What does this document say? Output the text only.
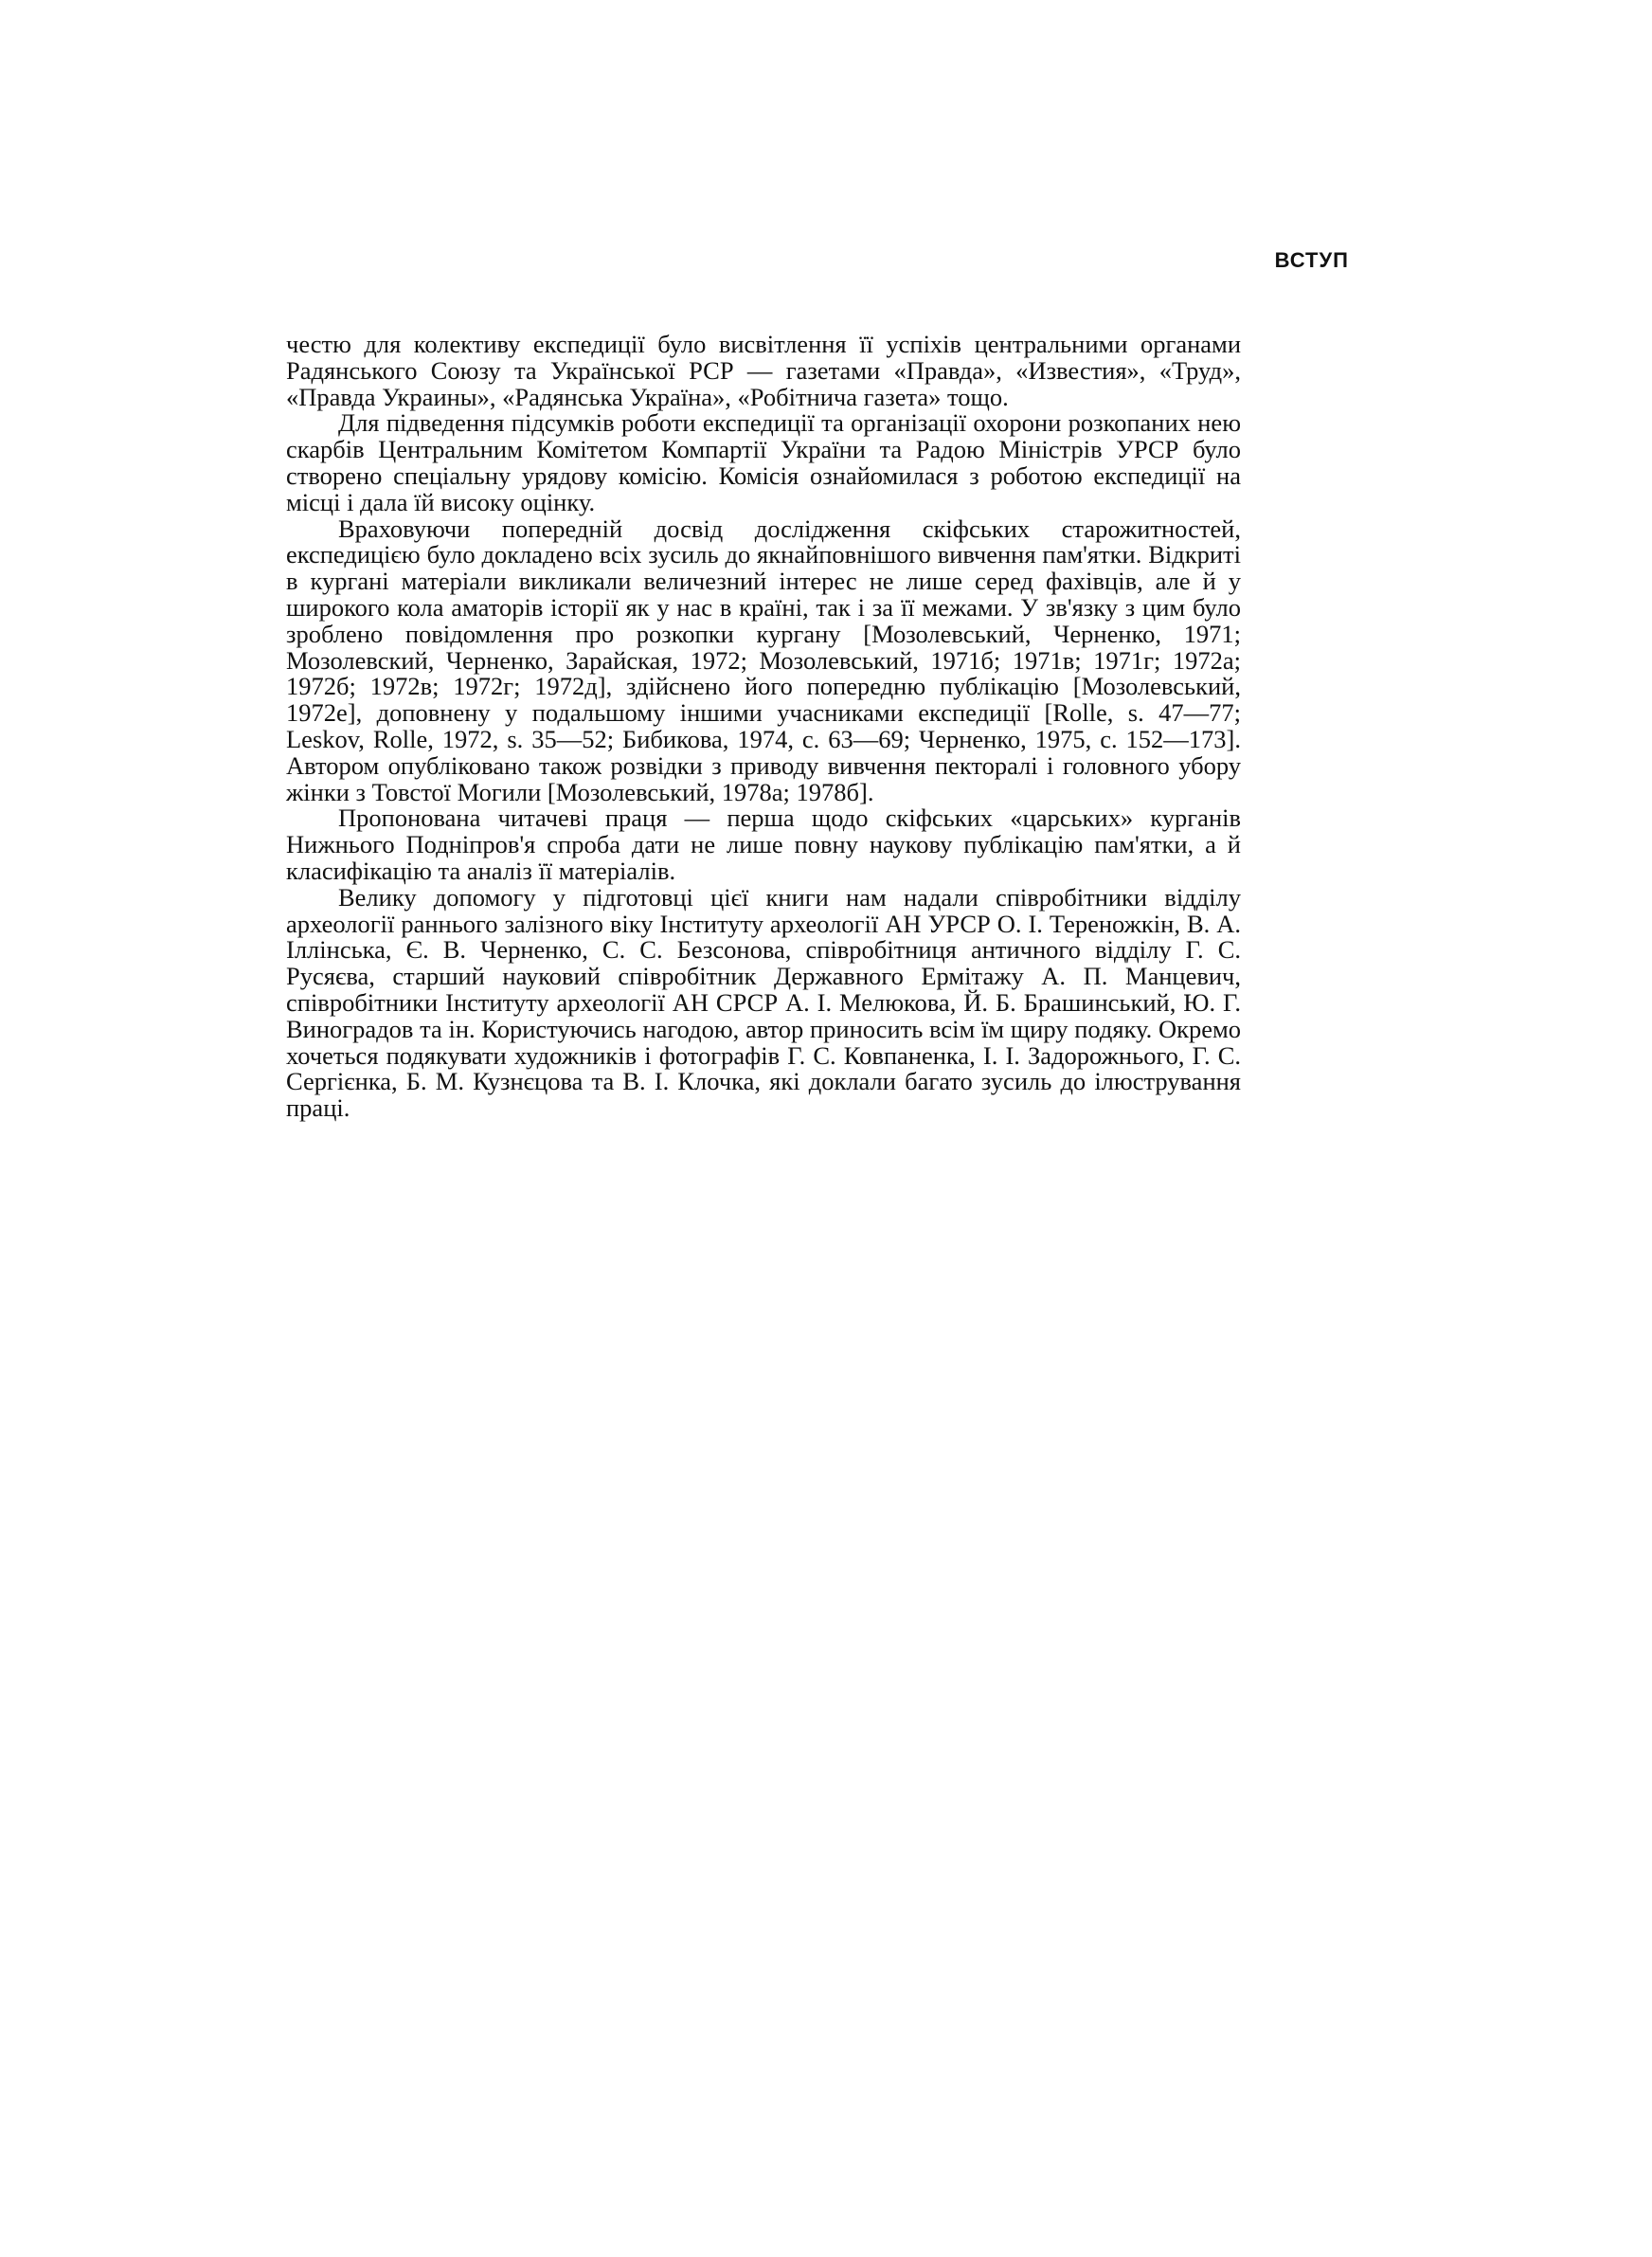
ВСТУП

честю для колективу експедиції було висвітлення її успіхів центральними органами Радянського Союзу та Української РСР — газетами «Правда», «Известия», «Труд», «Правда Украины», «Радянська Україна», «Робітнича газета» тощо.

Для підведення підсумків роботи експедиції та організації охорони розкопаних нею скарбів Центральним Комітетом Компартії України та Радою Міністрів УРСР було створено спеціальну урядову комісію. Комісія ознайомилася з роботою експедиції на місці і дала їй високу оцінку.

Враховуючи попередній досвід дослідження скіфських старожитностей, експедицією було докладено всіх зусиль до якнайповнішого вивчення пам'ятки. Відкриті в кургані матеріали викликали величезний інтерес не лише серед фахівців, але й у широкого кола аматорів історії як у нас в країні, так і за її межами. У зв'язку з цим було зроблено повідомлення про розкопки кургану [Мозолевський, Черненко, 1971; Мозолевский, Черненко, Зарайская, 1972; Мозолевський, 1971б; 1971в; 1971г; 1972а; 1972б; 1972в; 1972г; 1972д], здійснено його попередню публікацію [Мозолевський, 1972е], доповнену у подальшому іншими учасниками експедиції [Rolle, s. 47—77; Leskov, Rolle, 1972, s. 35—52; Бибикова, 1974, с. 63—69; Черненко, 1975, с. 152—173]. Автором опубліковано також розвідки з приводу вивчення пекторалі і головного убору жінки з Товстої Могили [Мозолевський, 1978а; 1978б].

Пропонована читачеві праця — перша щодо скіфських «царських» курганів Нижнього Подніпров'я спроба дати не лише повну наукову публікацію пам'ятки, а й класифікацію та аналіз її матеріалів.

Велику допомогу у підготовці цієї книги нам надали співробітники відділу археології раннього залізного віку Інституту археології АН УРСР О. І. Тереножкін, В. А. Іллінська, Є. В. Черненко, С. С. Безсонова, співробітниця античного відділу Г. С. Русяєва, старший науковий співробітник Державного Ермітажу А. П. Манцевич, співробітники Інституту археології АН СРСР А. І. Мелюкова, Й. Б. Брашинський, Ю. Г. Виноградов та ін. Користуючись нагодою, автор приносить всім їм щиру подяку. Окремо хочеться подякувати художників і фотографів Г. С. Ковпаненка, І. І. Задорожнього, Г. С. Сергієнка, Б. М. Кузнєцова та В. І. Клочка, які доклали багато зусиль до ілюстрування праці.
